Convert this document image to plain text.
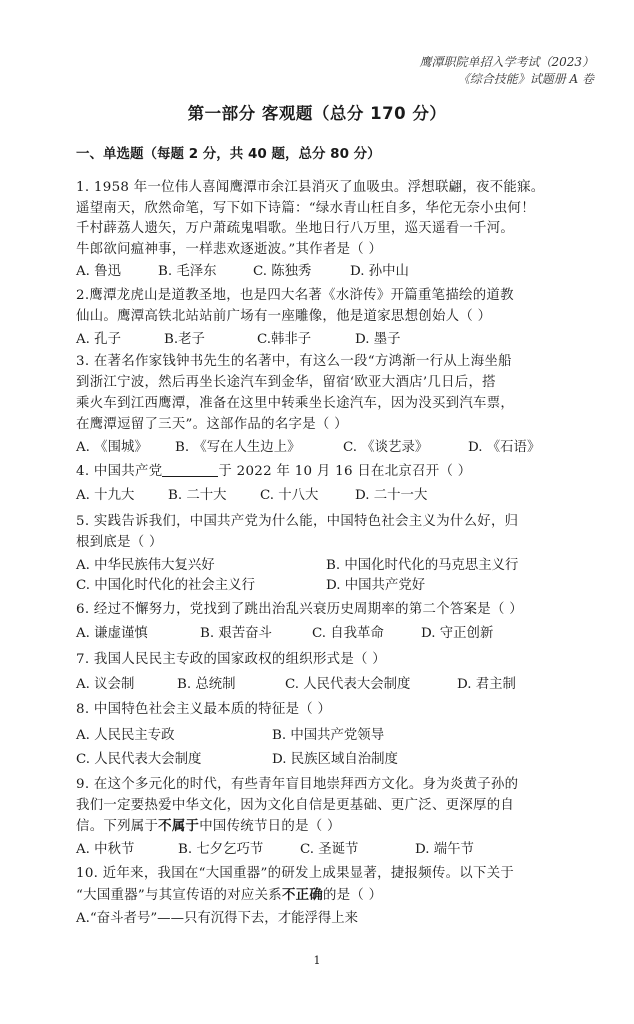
鹰潭职院单招入学考试（2023）
《综合技能》试题册 A 卷
第一部分 客观题（总分 170 分）
一、单选题（每题 2 分，共 40 题，总分 80 分）
1. 1958 年一位伟人喜闻鹰潭市余江县消灭了血吸虫。浮想联翩，夜不能寐。
遥望南天，欣然命笔，写下如下诗篇：“绿水青山枉自多，华佗无奈小虫何！
千村薜荔人遗矢，万户萧疏鬼唱歌。坐地日行八万里，巡天遥看一千河。
牛郎欲问瘟神事，一样悲欢逐逝波。”其作者是（ ）
A. 鲁迅	B. 毛泽东	C. 陈独秀	D. 孙中山
2.鹰潭龙虎山是道教圣地，也是四大名著《水浒传》开篇重笔描绘的道教
仙山。鹰潭高铁北站站前广场有一座雕像，他是道家思想创始人（ ）
A. 孔子	B.老子	C.韩非子	D. 墨子
3. 在著名作家钱钟书先生的名著中，有这么一段“方鸿渐一行从上海坐船
到浙江宁波，然后再坐长途汽车到金华，留宿‘欧亚大酒店’几日后，搭
乘火车到江西鹰潭，准备在这里中转乘坐长途汽车，因为没买到汽车票，
在鹰潭逗留了三天”。这部作品的名字是（ ）
A. 《围城》 B. 《写在人生边上》	C. 《谈艺录》	D. 《石语》
4. 中国共产党	于 2022 年 10 月 16 日在北京召开（ ）
A. 十九大	B. 二十大 C. 十八大	D. 二十一大
5. 实践告诉我们，中国共产党为什么能，中国特色社会主义为什么好，归
根到底是（ ）
A. 中华民族伟大复兴好	B. 中国化时代化的马克思主义行
C. 中国化时代化的社会主义行	D. 中国共产党好
6. 经过不懈努力，党找到了跳出治乱兴衰历史周期率的第二个答案是（ ）
A. 谦虚谨慎	B. 艰苦奋斗	C. 自我革命	D. 守正创新
7. 我国人民民主专政的国家政权的组织形式是（ ）
A. 议会制	B. 总统制	C. 人民代表大会制度	D. 君主制
8. 中国特色社会主义最本质的特征是（ ）
A. 人民民主专政	B. 中国共产党领导
C. 人民代表大会制度	D. 民族区域自治制度
9. 在这个多元化的时代，有些青年盲目地崇拜西方文化。身为炎黄子孙的
我们一定要热爱中华文化，因为文化自信是更基础、更广泛、更深厚的自
信。下列属于不属于中国传统节日的是（ ）
A. 中秋节	B. 七夕乞巧节	C. 圣诞节	D. 端午节
10. 近年来，我国在“大国重器”的研发上成果显著，捷报频传。以下关于
“大国重器”与其宣传语的对应关系不正确的是（ ）
A.“奋斗者号”——只有沉得下去，才能浮得上来
1
